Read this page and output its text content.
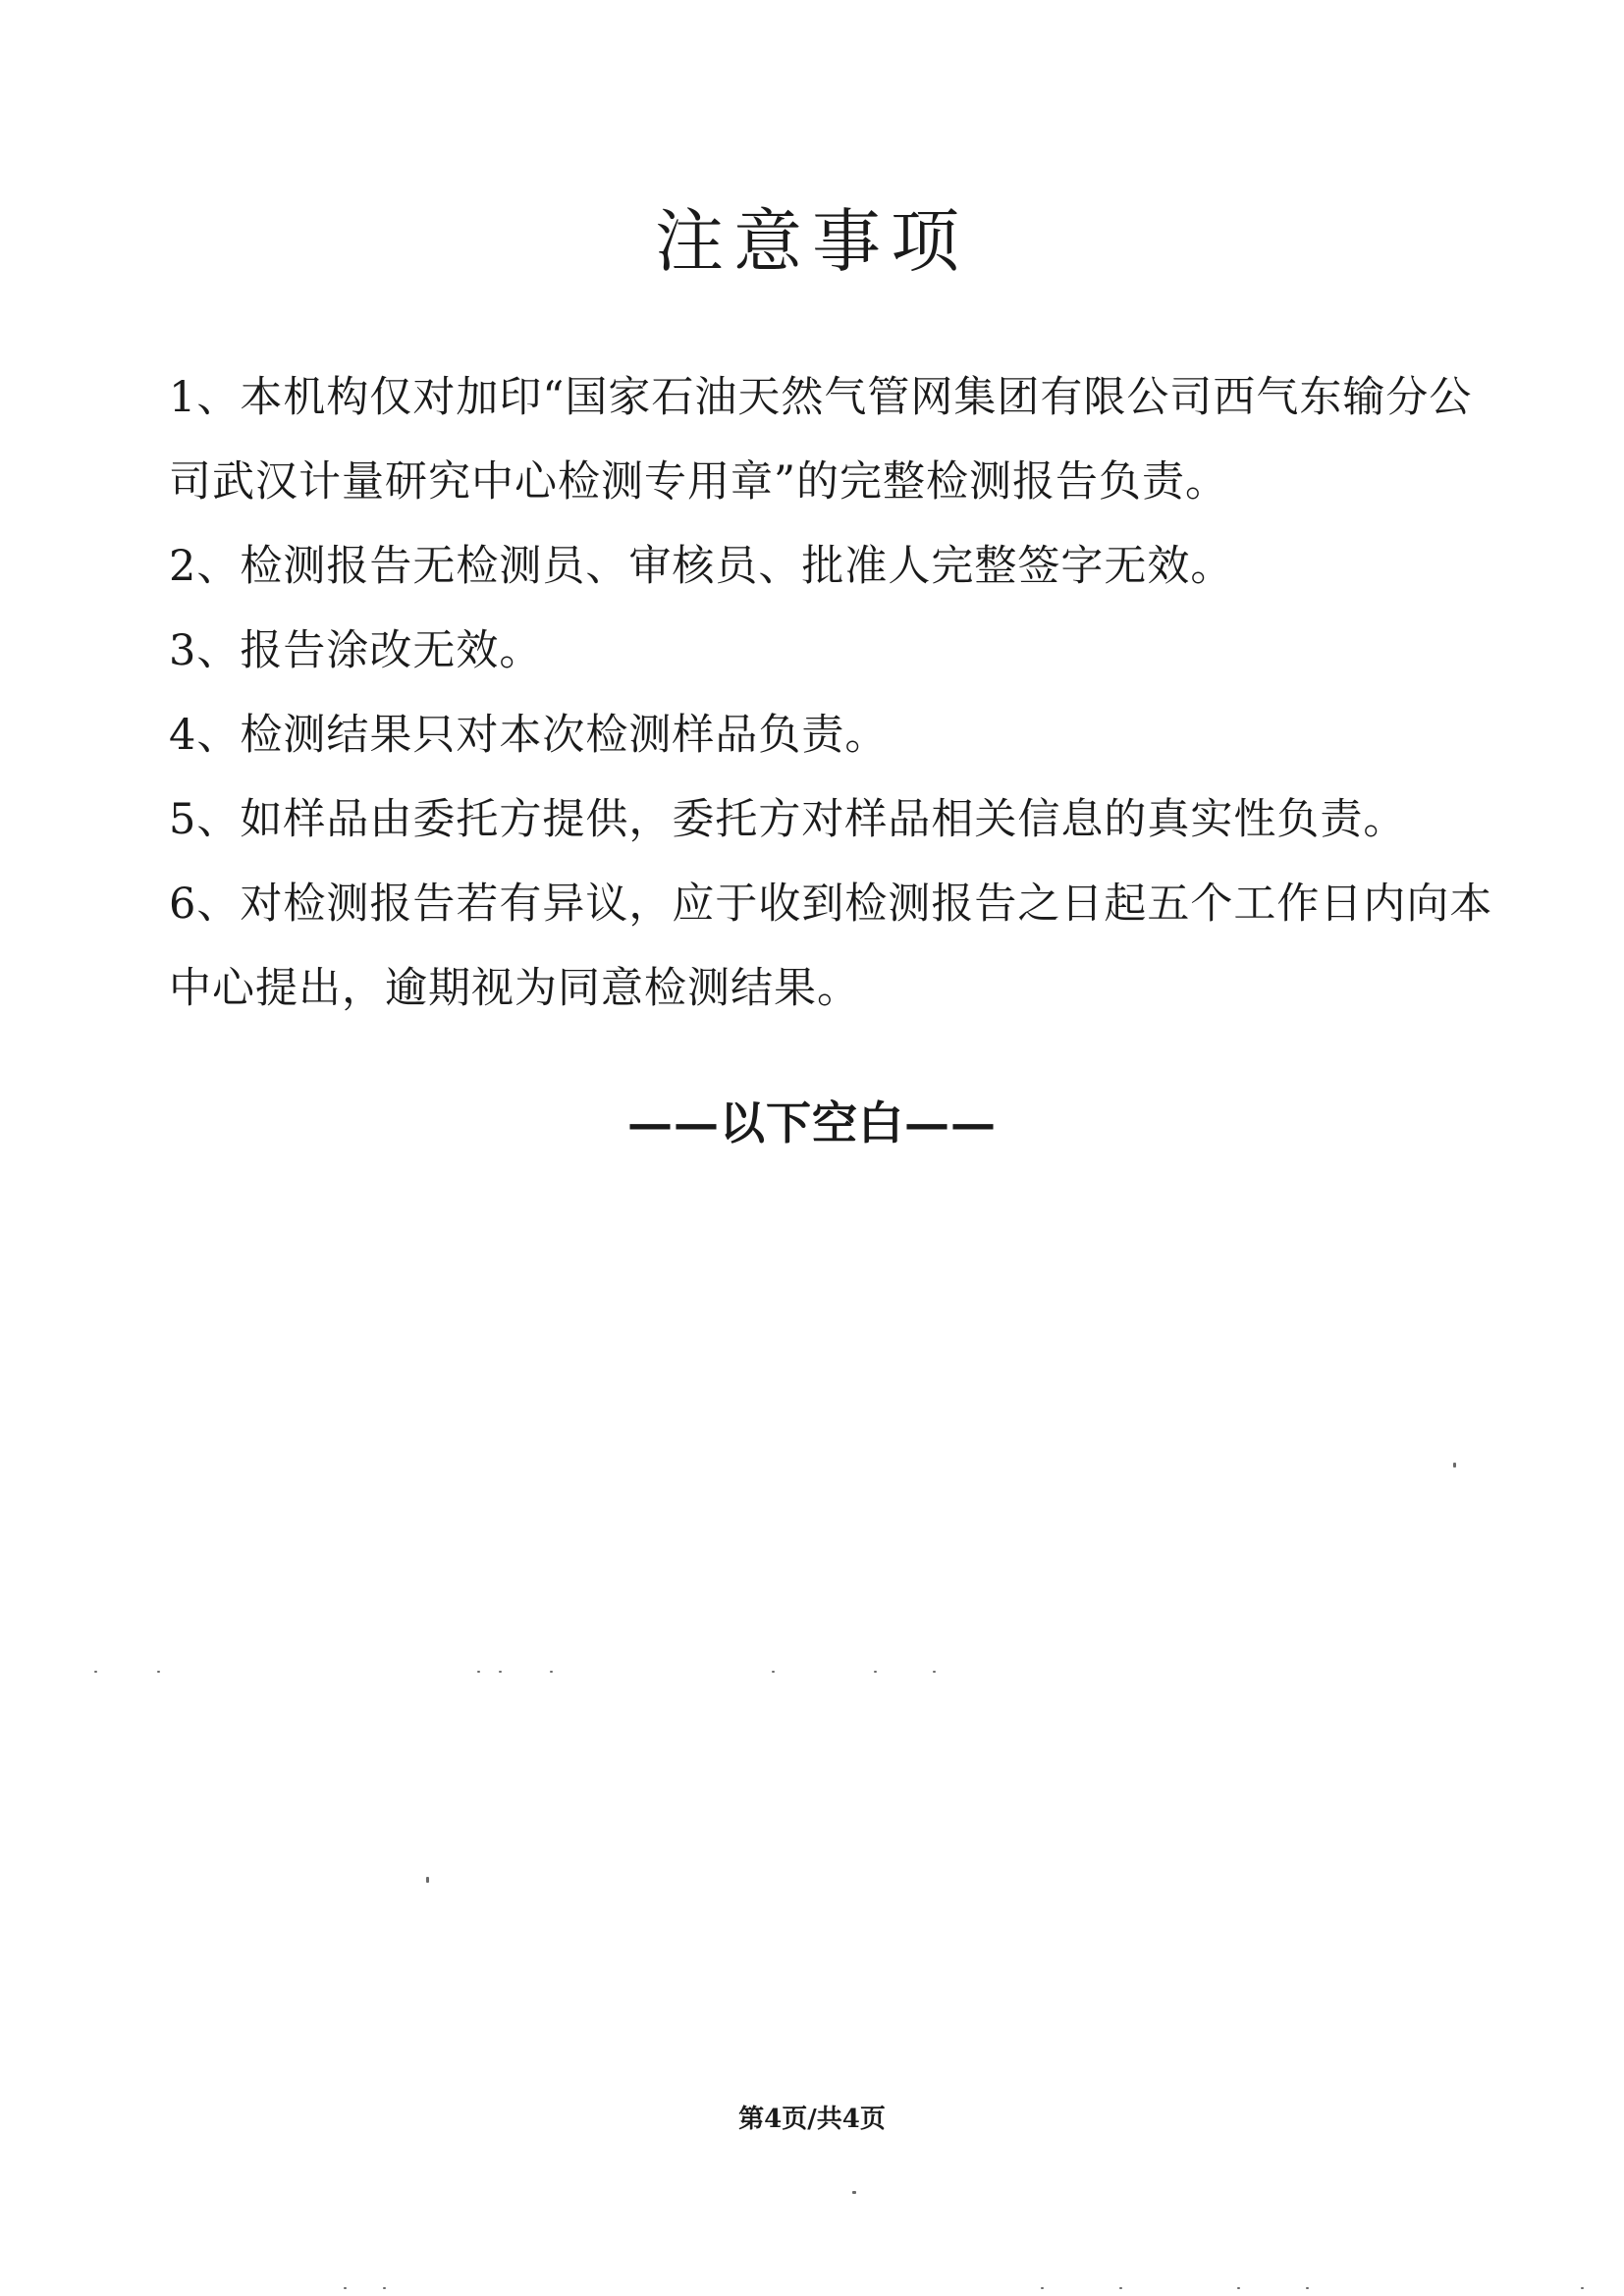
注意事项
1、本机构仅对加印“国家石油天然气管网集团有限公司西气东输分公司武汉计量研究中心检测专用章”的完整检测报告负责。
2、检测报告无检测员、审核员、批准人完整签字无效。
3、报告涂改无效。
4、检测结果只对本次检测样品负责。
5、如样品由委托方提供，委托方对样品相关信息的真实性负责。
6、对检测报告若有异议，应于收到检测报告之日起五个工作日内向本中心提出，逾期视为同意检测结果。
——以下空白——
第4页/共4页
